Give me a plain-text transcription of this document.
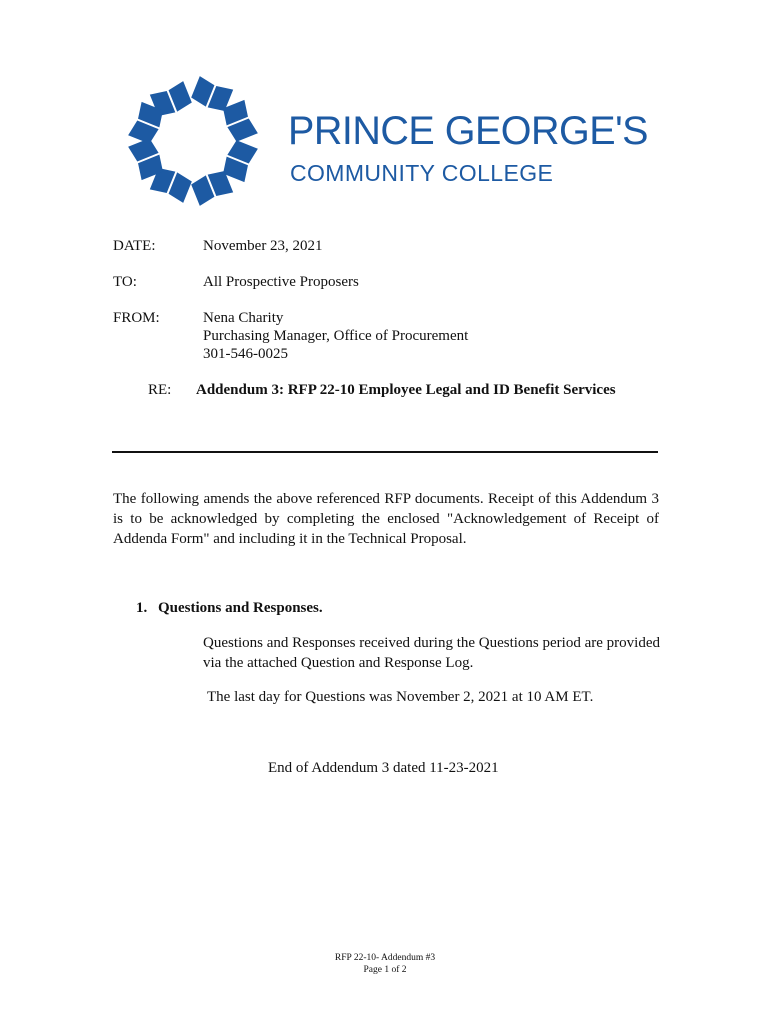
PRINCE GEORGE'S
COMMUNITY COLLEGE
DATE:	November 23, 2021
TO:	All Prospective Proposers
FROM:	Nena Charity
Purchasing Manager, Office of Procurement
301-546-0025
RE: Addendum 3: RFP 22-10 Employee Legal and ID Benefit Services
The following amends the above referenced RFP documents. Receipt of this Addendum 3 is to be acknowledged by completing the enclosed "Acknowledgement of Receipt of Addenda Form" and including it in the Technical Proposal.
1. Questions and Responses.
Questions and Responses received during the Questions period are provided via the attached Question and Response Log.
The last day for Questions was November 2, 2021 at 10 AM ET.
End of Addendum 3 dated 11-23-2021
RFP 22-10- Addendum #3
Page 1 of 2
